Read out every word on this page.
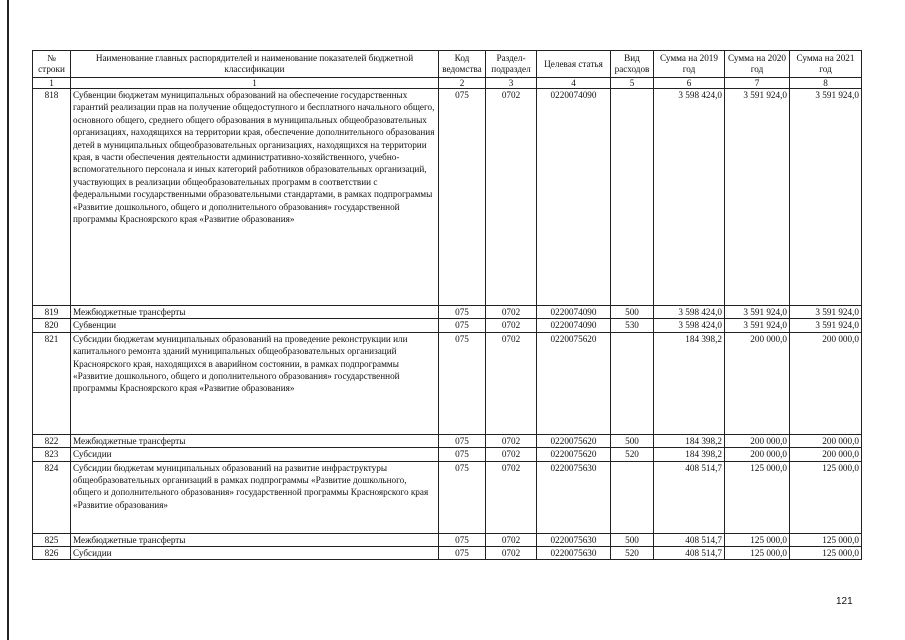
№ строки	Наименование главных распорядителей и наименование показателей бюджетной классификации	Код ведомства	Раздел-подраздел	Целевая статья	Вид расходов	Сумма на 2019 год	Сумма на 2020 год	Сумма на 2021 год
1	1	2	3	4	5	6	7	8
818	Субвенции бюджетам муниципальных образований на обеспечение государственных гарантий реализации прав на получение общедоступного и бесплатного начального общего, основного общего, среднего общего образования в муниципальных общеобразовательных организациях, находящихся на территории края, обеспечение дополнительного образования детей в муниципальных общеобразовательных организациях, находящихся на территории края, в части обеспечения деятельности административно-хозяйственного, учебно-вспомогательного персонала и иных категорий работников образовательных организаций, участвующих в реализации общеобразовательных программ в соответствии с федеральными государственными образовательными стандартами, в рамках подпрограммы «Развитие дошкольного, общего и дополнительного образования» государственной программы Красноярского края «Развитие образования»	075	0702	0220074090		3 598 424,0	3 591 924,0	3 591 924,0
819	Межбюджетные трансферты	075	0702	0220074090	500	3 598 424,0	3 591 924,0	3 591 924,0
820	Субвенции	075	0702	0220074090	530	3 598 424,0	3 591 924,0	3 591 924,0
821	Субсидии бюджетам муниципальных образований на проведение реконструкции или капитального ремонта зданий муниципальных общеобразовательных организаций Красноярского края, находящихся в аварийном состоянии, в рамках подпрограммы «Развитие дошкольного, общего и дополнительного образования» государственной программы Красноярского края «Развитие образования»	075	0702	0220075620		184 398,2	200 000,0	200 000,0
822	Межбюджетные трансферты	075	0702	0220075620	500	184 398,2	200 000,0	200 000,0
823	Субсидии	075	0702	0220075620	520	184 398,2	200 000,0	200 000,0
824	Субсидии бюджетам муниципальных образований на развитие инфраструктуры общеобразовательных организаций в рамках подпрограммы «Развитие дошкольного, общего и дополнительного образования» государственной программы Красноярского края «Развитие образования»	075	0702	0220075630		408 514,7	125 000,0	125 000,0
825	Межбюджетные трансферты	075	0702	0220075630	500	408 514,7	125 000,0	125 000,0
826	Субсидии	075	0702	0220075630	520	408 514,7	125 000,0	125 000,0
121
